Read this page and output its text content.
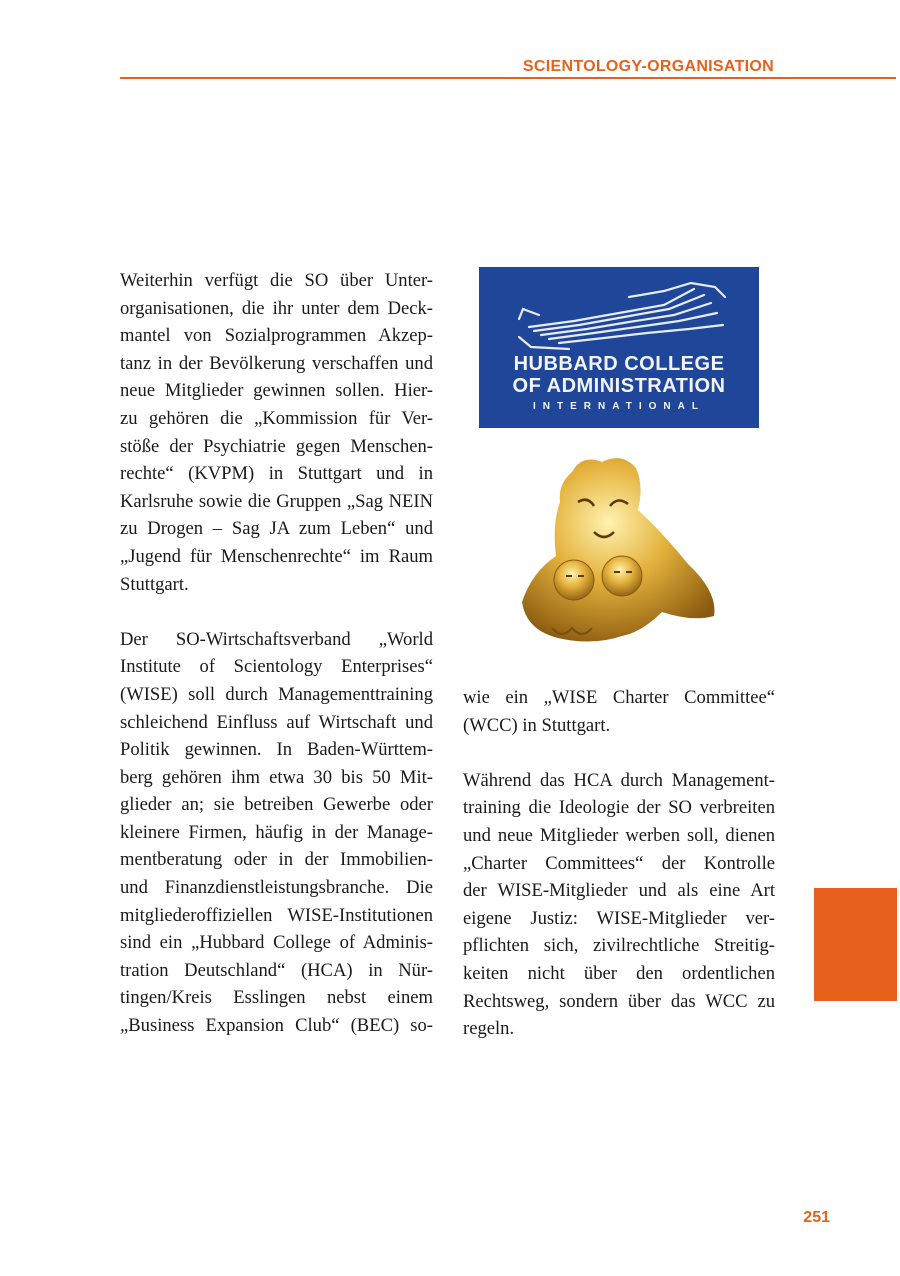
SCIENTOLOGY-ORGANISATION

Weiterhin verfügt die SO über Unter-
organisationen, die ihr unter dem Deck-
mantel von Sozialprogrammen Akzep-
tanz in der Bevölkerung verschaffen und
neue Mitglieder gewinnen sollen. Hier-
zu gehören die „Kommission für Ver-
stöße der Psychiatrie gegen Menschen-
rechte“ (KVPM) in Stuttgart und in
Karlsruhe sowie die Gruppen „Sag NEIN
zu Drogen – Sag JA zum Leben“ und
„Jugend für Menschenrechte“ im Raum
Stuttgart.

Der SO-Wirtschaftsverband „World
Institute of Scientology Enterprises“
(WISE) soll durch Managementtraining
schleichend Einfluss auf Wirtschaft und
Politik gewinnen. In Baden-Württem-
berg gehören ihm etwa 30 bis 50 Mit-
glieder an; sie betreiben Gewerbe oder
kleinere Firmen, häufig in der Manage-
mentberatung oder in der Immobilien-
und Finanzdienstleistungsbranche. Die
mitgliederoffiziellen WISE-Institutionen
sind ein „Hubbard College of Adminis-
tration Deutschland“ (HCA) in Nür-
tingen/Kreis Esslingen nebst einem
„Business Expansion Club“ (BEC) so-

HUBBARD COLLEGE
OF ADMINISTRATION
INTERNATIONAL

wie ein „WISE Charter Committee“
(WCC) in Stuttgart.

Während das HCA durch Management-
training die Ideologie der SO verbreiten
und neue Mitglieder werben soll, dienen
„Charter Committees“ der Kontrolle
der WISE-Mitglieder und als eine Art
eigene Justiz: WISE-Mitglieder ver-
pflichten sich, zivilrechtliche Streitig-
keiten nicht über den ordentlichen
Rechtsweg, sondern über das WCC zu
regeln.

251
